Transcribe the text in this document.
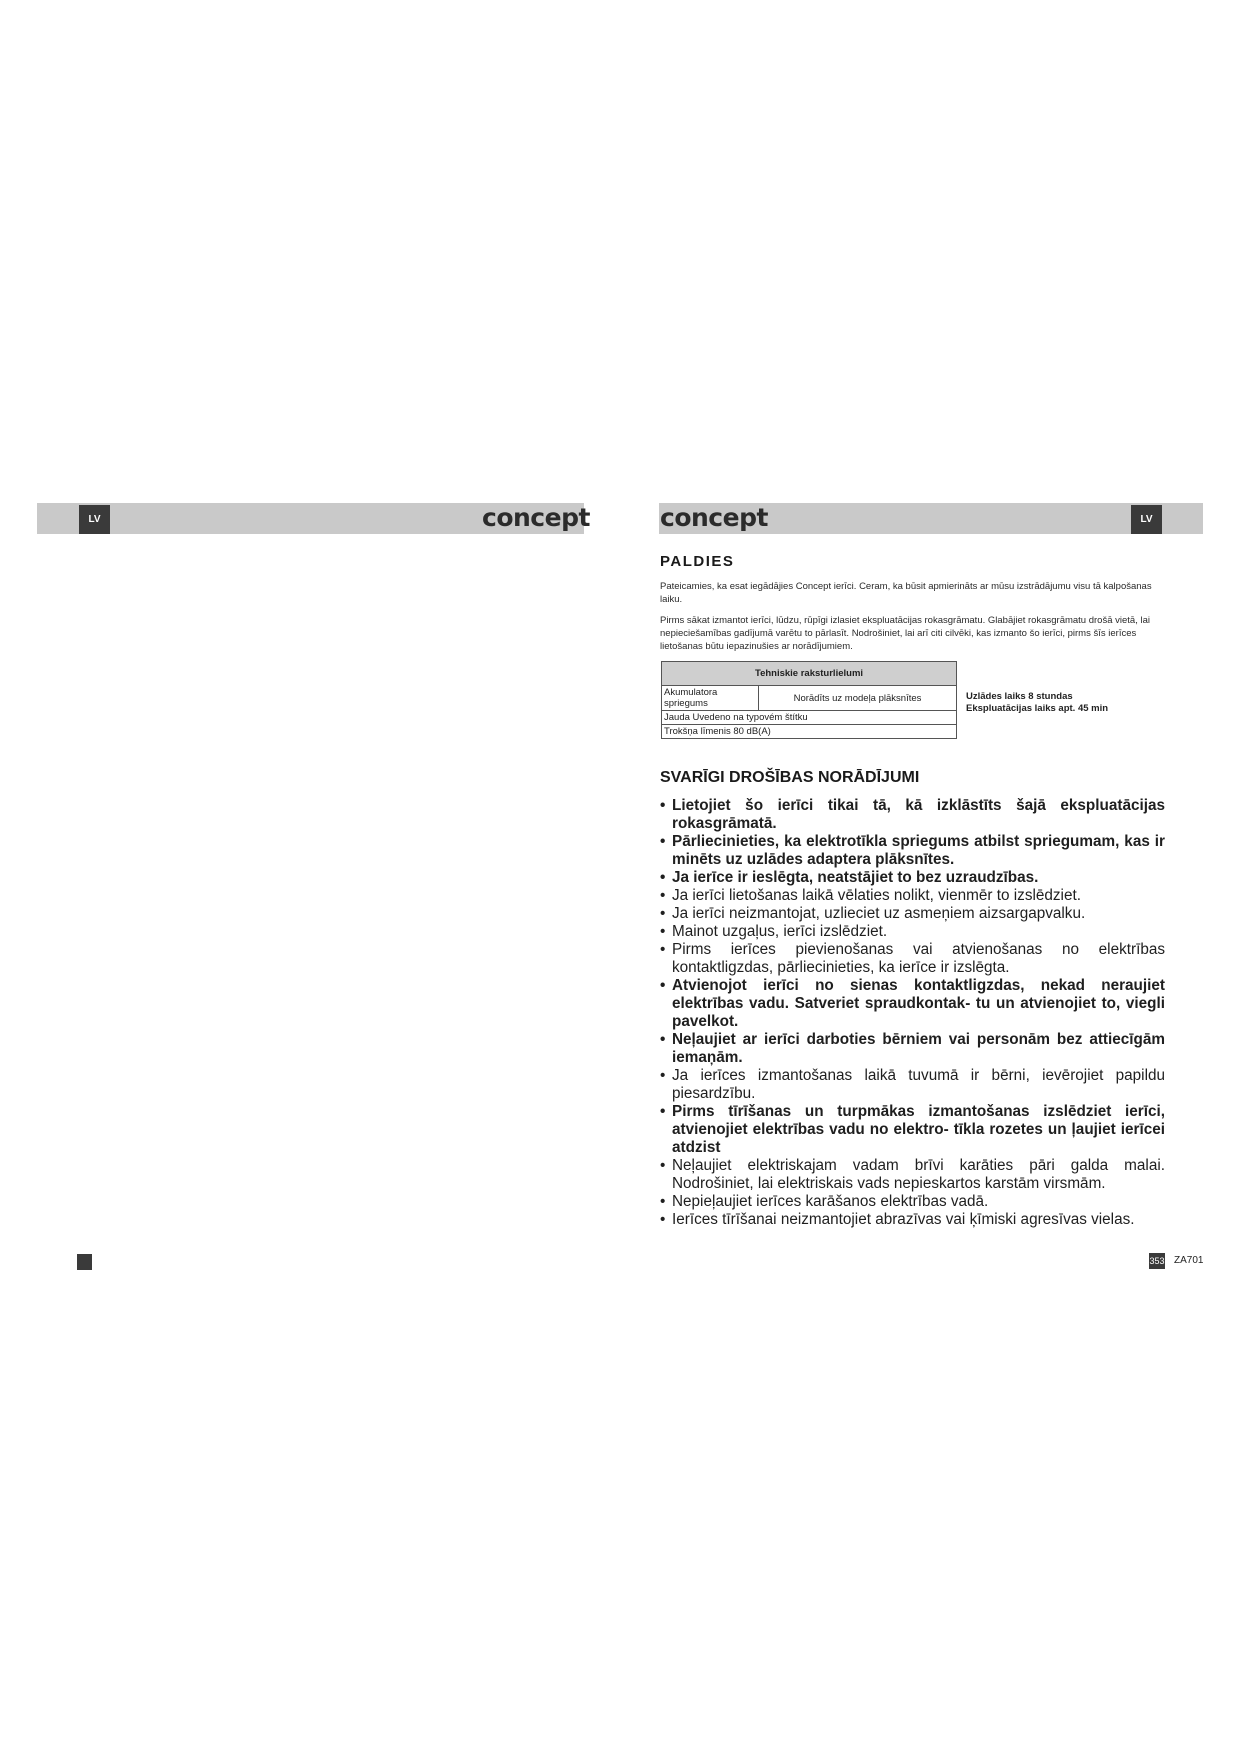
LV	concept	concept	LV
PALDIES

Pateicamies, ka esat iegādājies Concept ierīci. Ceram, ka būsit apmierināts ar mūsu izstrādājumu visu tā kalpošanas laiku.

Pirms sākat izmantot ierīci, lūdzu, rūpīgi izlasiet ekspluatācijas rokasgrāmatu. Glabājiet rokasgrāmatu drošā vietā, lai nepieciešamības gadījumā varētu to pārlasīt. Nodrošiniet, lai arī citi cilvēki, kas izmanto šo ierīci, pirms šīs ierīces lietošanas būtu iepazinušies ar norādījumiem.

Tehniskie raksturlielumi
Akumulatora spriegums	Norādīts uz modeļa plāksnītes
Jauda Uvedeno na typovém štítku
Trokšņa līmenis 80 dB(A)
Uzlādes laiks 8 stundas
Ekspluatācijas laiks apt. 45 min
SVARĪGI DROŠĪBAS NORĀDĪJUMI
• Lietojiet šo ierīci tikai tā, kā izklāstīts šajā ekspluatācijas rokasgrāmatā.
• Pārliecinieties, ka elektrotīkla spriegums atbilst spriegumam, kas ir minēts uz uzlādes adaptera plāksnītes.
• Ja ierīce ir ieslēgta, neatstājiet to bez uzraudzības.
• Ja ierīci lietošanas laikā vēlaties nolikt, vienmēr to izslēdziet.
• Ja ierīci neizmantojat, uzlieciet uz asmeņiem aizsargapvalku.
• Mainot uzgaļus, ierīci izslēdziet.
• Pirms ierīces pievienošanas vai atvienošanas no elektrības kontaktligzdas, pārliecinieties, ka ierīce ir izslēgta.
• Atvienojot ierīci no sienas kontaktligzdas, nekad neraujiet elektrības vadu. Satveriet spraudkontak- tu un atvienojiet to, viegli pavelkot.
• Neļaujiet ar ierīci darboties bērniem vai personām bez attiecīgām iemaņām.
• Ja ierīces izmantošanas laikā tuvumā ir bērni, ievērojiet papildu piesardzību.
• Pirms tīrīšanas un turpmākas izmantošanas izslēdziet ierīci, atvienojiet elektrības vadu no elektro- tīkla rozetes un ļaujiet ierīcei atdzist
• Neļaujiet elektriskajam vadam brīvi karāties pāri galda malai. Nodrošiniet, lai elektriskais vads nepieskartos karstām virsmām.
• Nepieļaujiet ierīces karāšanos elektrības vadā.
• Ierīces tīrīšanai neizmantojiet abrazīvas vai ķīmiski agresīvas vielas.
353 ZA701
